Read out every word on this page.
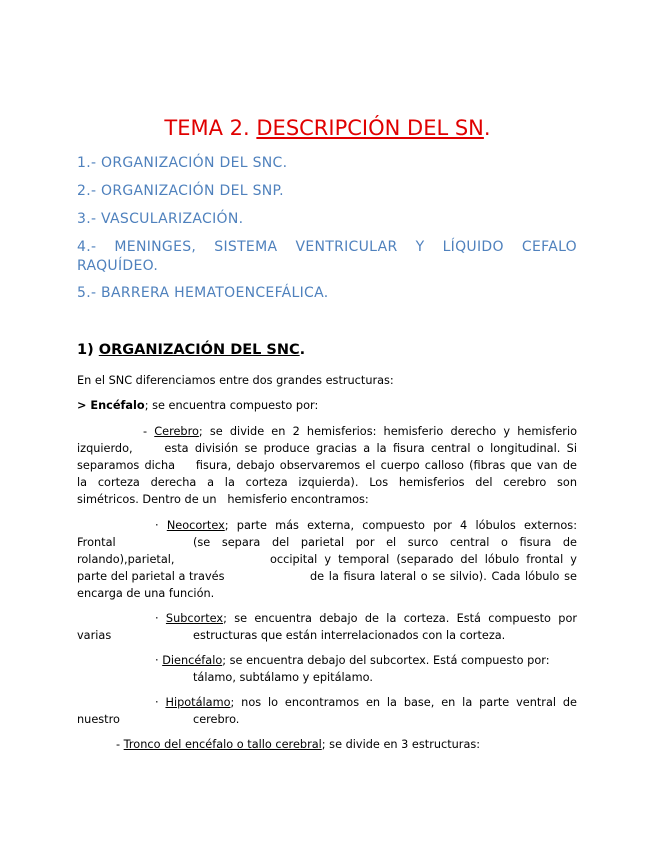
TEMA 2. DESCRIPCIÓN DEL SN.
1.- ORGANIZACIÓN DEL SNC.
2.- ORGANIZACIÓN DEL SNP.
3.- VASCULARIZACIÓN.
4.- MENINGES, SISTEMA VENTRICULAR Y LÍQUIDO CEFALO
RAQUÍDEO.
5.- BARRERA HEMATOENCEFÁLICA.
1) ORGANIZACIÓN DEL SNC.
En el SNC diferenciamos entre dos grandes estructuras:
> Encéfalo; se encuentra compuesto por:
- Cerebro; se divide en 2 hemisferios: hemisferio derecho y hemisferio
izquierdo,     esta división se produce gracias a la fisura central o longitudinal. Si
separamos dicha    fisura, debajo observaremos el cuerpo calloso (fibras que van de
la corteza derecha a la corteza izquierda). Los hemisferios del cerebro son
simétricos. Dentro de un   hemisferio encontramos:
· Neocortex; parte más externa, compuesto por 4 lóbulos externos:
Frontal	(se separa del parietal por el surco central o fisura de
rolando),parietal,	occipital y temporal (separado del lóbulo frontal y
parte del parietal a través	de la fisura lateral o se silvio). Cada lóbulo se
encarga de una función.
· Subcortex; se encuentra debajo de la corteza. Está compuesto por
varias	estructuras que están interrelacionados con la corteza.
· Diencéfalo; se encuentra debajo del subcortex. Está compuesto por:
tálamo, subtálamo y epitálamo.
· Hipotálamo; nos lo encontramos en la base, en la parte ventral de
nuestro	cerebro.
- Tronco del encéfalo o tallo cerebral; se divide en 3 estructuras:
